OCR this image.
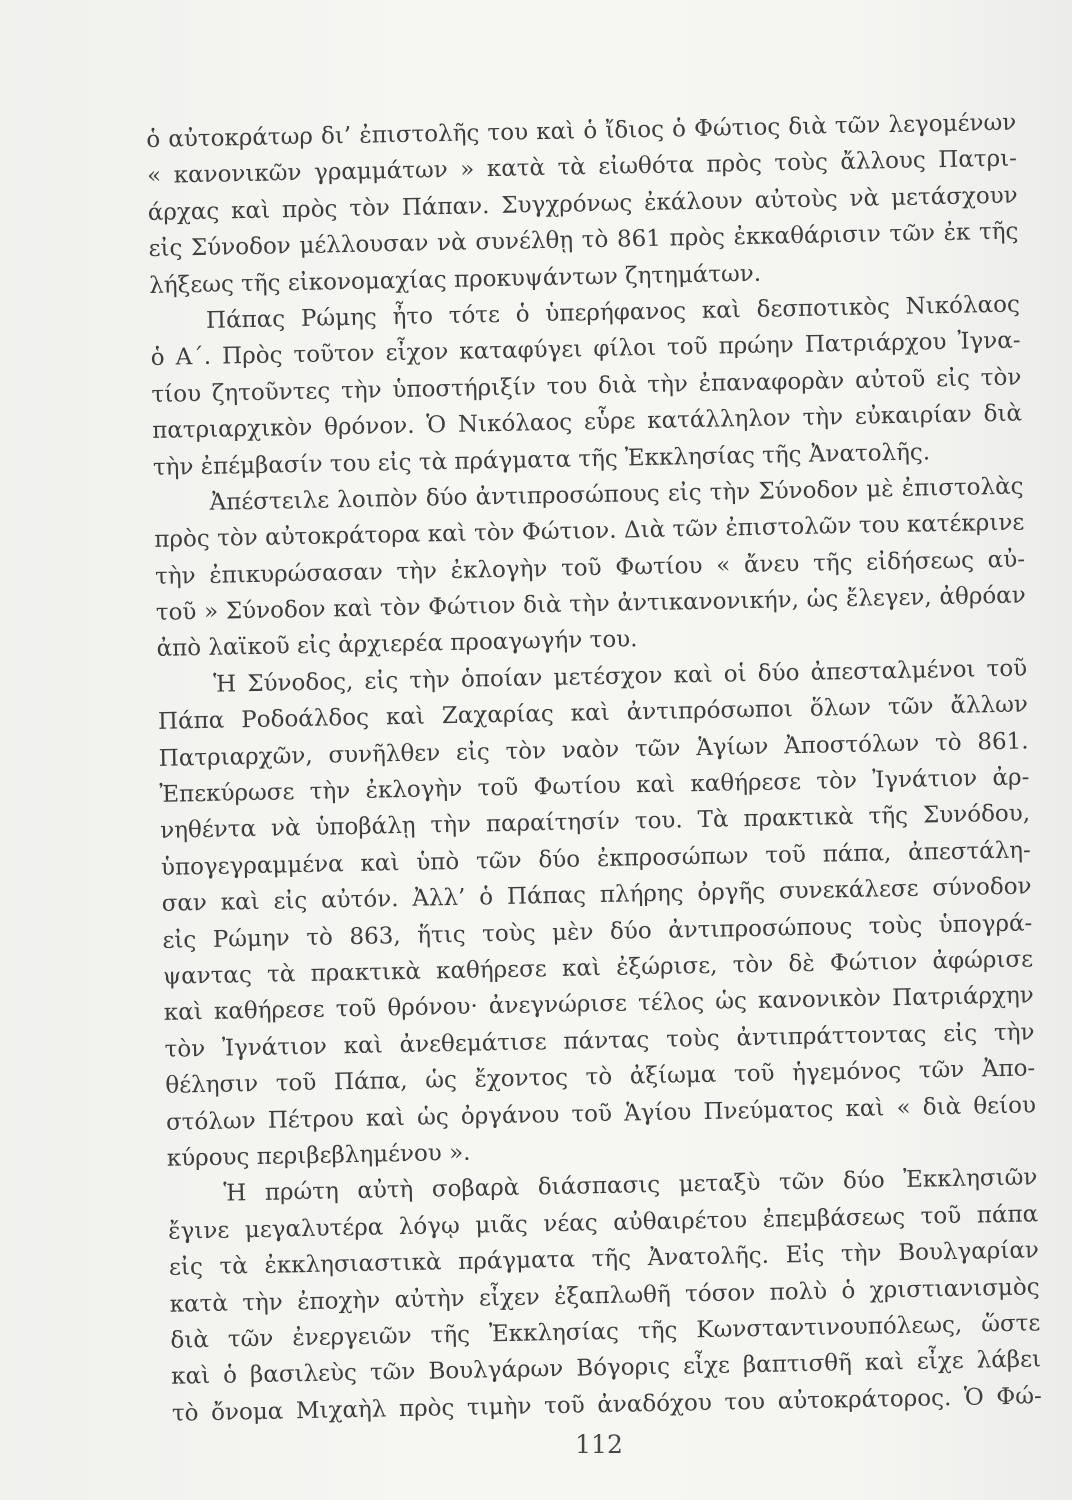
ὁ αὐτοκράτωρ δι’ ἐπιστολῆς του καὶ ὁ ἴδιος ὁ Φώτιος διὰ τῶν λεγομένων
« κανονικῶν γραμμάτων » κατὰ τὰ εἰωθότα πρὸς τοὺς ἄλλους Πατρι-
άρχας καὶ πρὸς τὸν Πάπαν. Συγχρόνως ἐκάλουν αὐτοὺς νὰ μετάσχουν
εἰς Σύνοδον μέλλουσαν νὰ συνέλθῃ τὸ 861 πρὸς ἐκκαθάρισιν τῶν ἐκ τῆς
λήξεως τῆς εἰκονομαχίας προκυψάντων ζητημάτων.
Πάπας Ρώμης ἦτο τότε ὁ ὑπερήφανος καὶ δεσποτικὸς Νικόλαος
ὁ Α΄. Πρὸς τοῦτον εἶχον καταφύγει φίλοι τοῦ πρώην Πατριάρχου Ἰγνα-
τίου ζητοῦντες τὴν ὑποστήριξίν του διὰ τὴν ἐπαναφορὰν αὐτοῦ εἰς τὸν
πατριαρχικὸν θρόνον. Ὁ Νικόλαος εὗρε κατάλληλον τὴν εὐκαιρίαν διὰ
τὴν ἐπέμβασίν του εἰς τὰ πράγματα τῆς Ἐκκλησίας τῆς Ἀνατολῆς.
Ἀπέστειλε λοιπὸν δύο ἀντιπροσώπους εἰς τὴν Σύνοδον μὲ ἐπιστολὰς
πρὸς τὸν αὐτοκράτορα καὶ τὸν Φώτιον. Διὰ τῶν ἐπιστολῶν του κατέκρινε
τὴν ἐπικυρώσασαν τὴν ἐκλογὴν τοῦ Φωτίου « ἄνευ τῆς εἰδήσεως αὐ-
τοῦ » Σύνοδον καὶ τὸν Φώτιον διὰ τὴν ἀντικανονικήν, ὡς ἔλεγεν, ἀθρόαν
ἀπὸ λαϊκοῦ εἰς ἀρχιερέα προαγωγήν του.
Ἡ Σύνοδος, εἰς τὴν ὁποίαν μετέσχον καὶ οἱ δύο ἀπεσταλμένοι τοῦ
Πάπα Ροδοάλδος καὶ Ζαχαρίας καὶ ἀντιπρόσωποι ὅλων τῶν ἄλλων
Πατριαρχῶν, συνῆλθεν εἰς τὸν ναὸν τῶν Ἁγίων Ἀποστόλων τὸ 861.
Ἐπεκύρωσε τὴν ἐκλογὴν τοῦ Φωτίου καὶ καθήρεσε τὸν Ἰγνάτιον ἀρ-
νηθέντα νὰ ὑποβάλῃ τὴν παραίτησίν του. Τὰ πρακτικὰ τῆς Συνόδου,
ὑπογεγραμμένα καὶ ὑπὸ τῶν δύο ἐκπροσώπων τοῦ πάπα, ἀπεστάλη-
σαν καὶ εἰς αὐτόν. Ἀλλ’ ὁ Πάπας πλήρης ὀργῆς συνεκάλεσε σύνοδον
εἰς Ρώμην τὸ 863, ἥτις τοὺς μὲν δύο ἀντιπροσώπους τοὺς ὑπογρά-
ψαντας τὰ πρακτικὰ καθήρεσε καὶ ἐξώρισε, τὸν δὲ Φώτιον ἀφώρισε
καὶ καθήρεσε τοῦ θρόνου· ἀνεγνώρισε τέλος ὡς κανονικὸν Πατριάρχην
τὸν Ἰγνάτιον καὶ ἀνεθεμάτισε πάντας τοὺς ἀντιπράττοντας εἰς τὴν
θέλησιν τοῦ Πάπα, ὡς ἔχοντος τὸ ἀξίωμα τοῦ ἡγεμόνος τῶν Ἀπο-
στόλων Πέτρου καὶ ὡς ὀργάνου τοῦ Ἁγίου Πνεύματος καὶ « διὰ θείου
κύρους περιβεβλημένου ».
Ἡ πρώτη αὐτὴ σοβαρὰ διάσπασις μεταξὺ τῶν δύο Ἐκκλησιῶν
ἔγινε μεγαλυτέρα λόγῳ μιᾶς νέας αὐθαιρέτου ἐπεμβάσεως τοῦ πάπα
εἰς τὰ ἐκκλησιαστικὰ πράγματα τῆς Ἀνατολῆς. Εἰς τὴν Βουλγαρίαν
κατὰ τὴν ἐποχὴν αὐτὴν εἶχεν ἐξαπλωθῆ τόσον πολὺ ὁ χριστιανισμὸς
διὰ τῶν ἐνεργειῶν τῆς Ἐκκλησίας τῆς Κωνσταντινουπόλεως, ὥστε
καὶ ὁ βασιλεὺς τῶν Βουλγάρων Βόγορις εἶχε βαπτισθῆ καὶ εἶχε λάβει
τὸ ὄνομα Μιχαὴλ πρὸς τιμὴν τοῦ ἀναδόχου του αὐτοκράτορος. Ὁ Φώ-
112
